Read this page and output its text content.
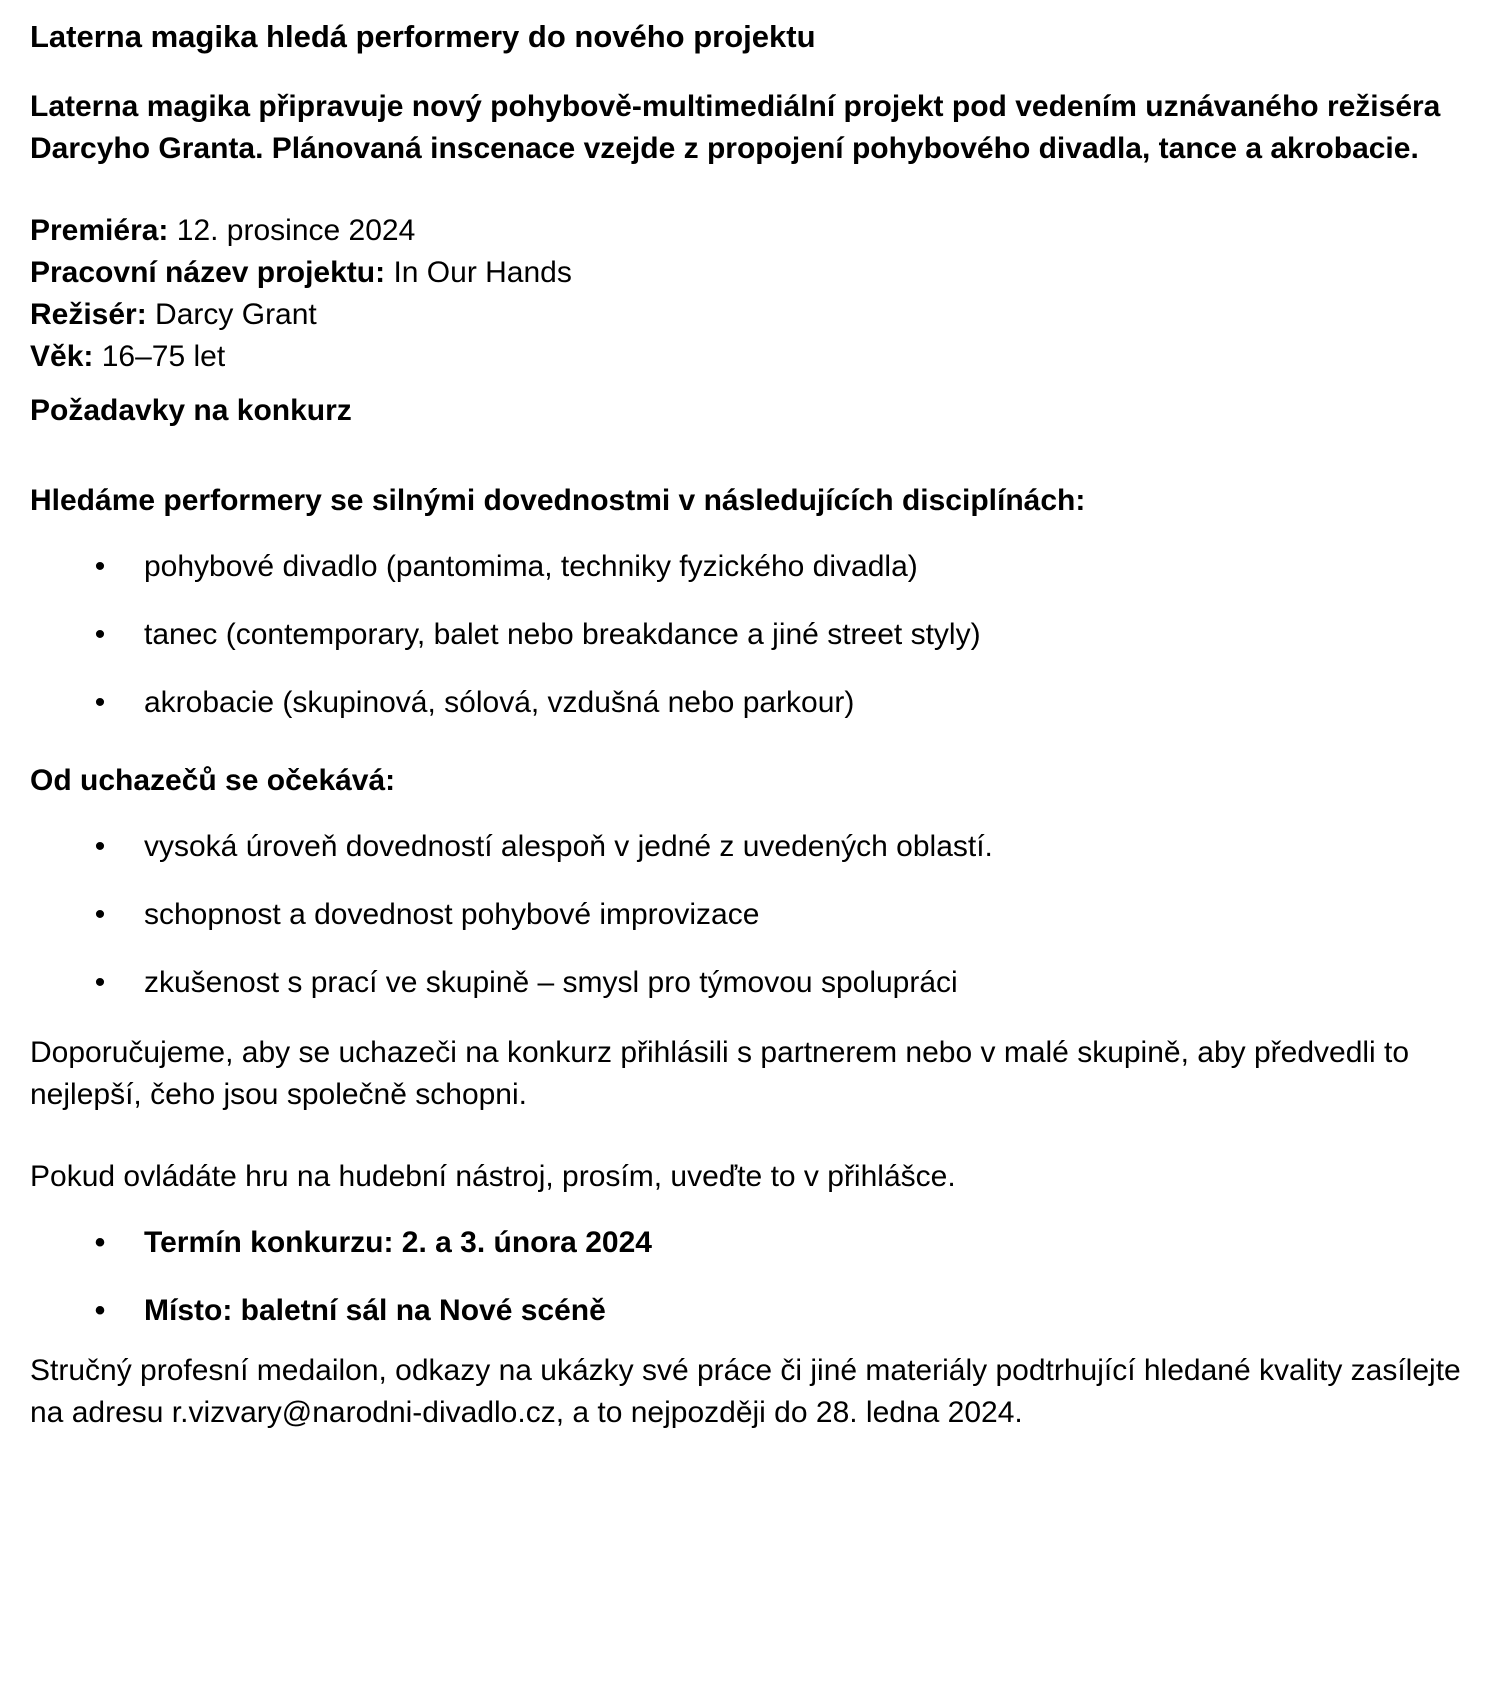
Laterna magika hledá performery do nového projektu

Laterna magika připravuje nový pohybově-multimediální projekt pod vedením uznávaného režiséra Darcyho Granta. Plánovaná inscenace vzejde z propojení pohybového divadla, tance a akrobacie.

Premiéra: 12. prosince 2024
Pracovní název projektu: In Our Hands
Režisér: Darcy Grant
Věk: 16–75 let

Požadavky na konkurz

Hledáme performery se silnými dovednostmi v následujících disciplínách:

• pohybové divadlo (pantomima, techniky fyzického divadla)
• tanec (contemporary, balet nebo breakdance a jiné street styly)
• akrobacie (skupinová, sólová, vzdušná nebo parkour)

Od uchazečů se očekává:

• vysoká úroveň dovedností alespoň v jedné z uvedených oblastí.
• schopnost a dovednost pohybové improvizace
• zkušenost s prací ve skupině – smysl pro týmovou spolupráci

Doporučujeme, aby se uchazeči na konkurz přihlásili s partnerem nebo v malé skupině, aby předvedli to nejlepší, čeho jsou společně schopni.

Pokud ovládáte hru na hudební nástroj, prosím, uveďte to v přihlášce.

• Termín konkurzu: 2. a 3. února 2024
• Místo: baletní sál na Nové scéně

Stručný profesní medailon, odkazy na ukázky své práce či jiné materiály podtrhující hledané kvality zasílejte na adresu r.vizvary@narodni-divadlo.cz, a to nejpozději do 28. ledna 2024.
